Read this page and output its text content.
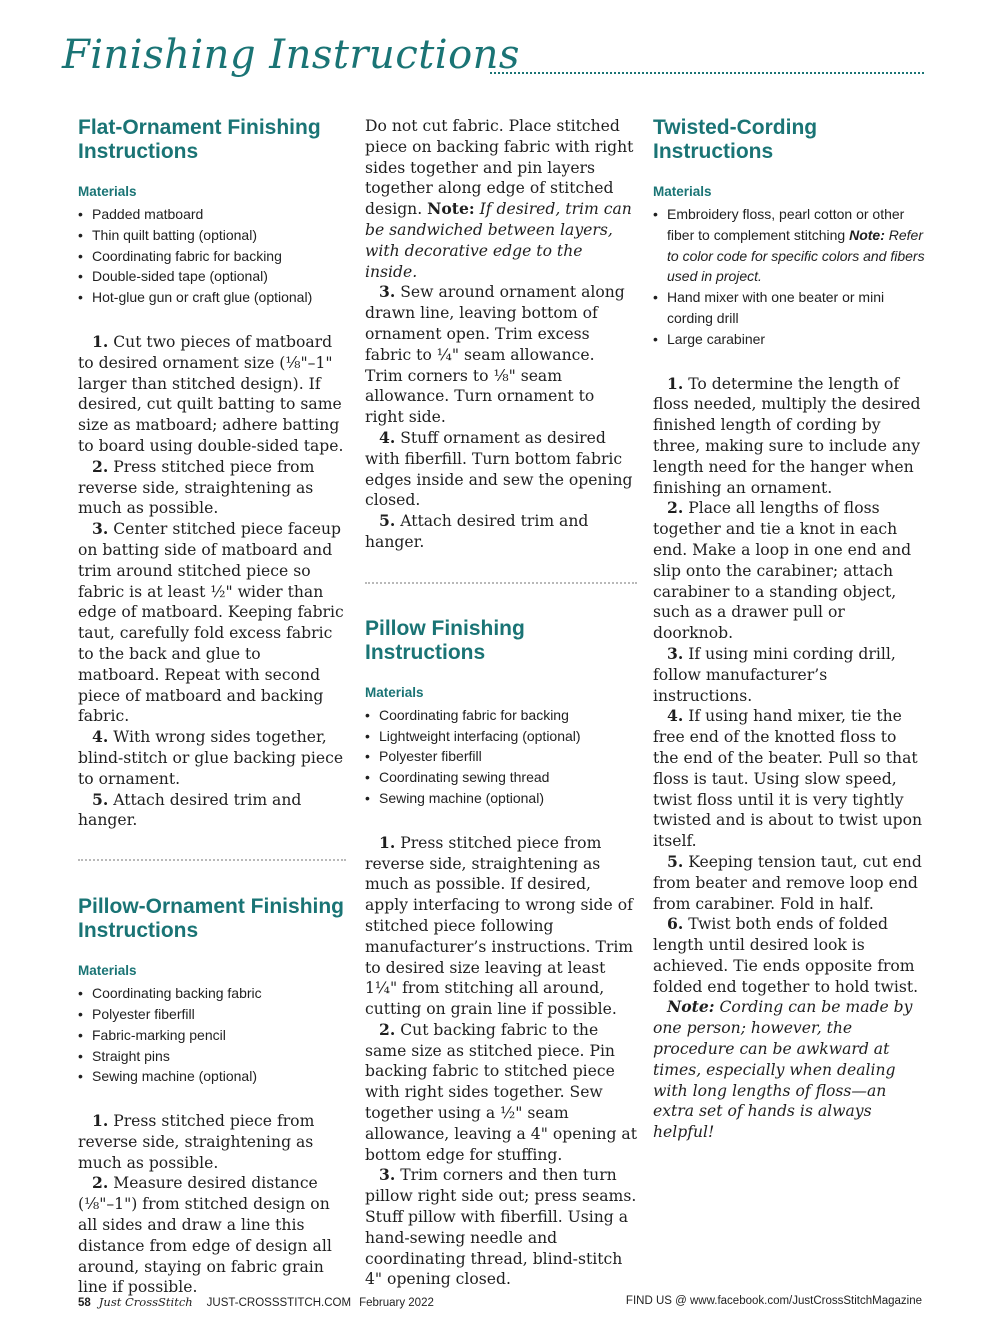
Finishing Instructions
Flat-Ornament Finishing Instructions
Materials
• Padded matboard
• Thin quilt batting (optional)
• Coordinating fabric for backing
• Double-sided tape (optional)
• Hot-glue gun or craft glue (optional)

1. Cut two pieces of matboard to desired ornament size (⅛"–1" larger than stitched design). If desired, cut quilt batting to same size as matboard; adhere batting to board using double-sided tape.

2. Press stitched piece from reverse side, straightening as much as possible.

3. Center stitched piece faceup on batting side of matboard and trim around stitched piece so fabric is at least ½" wider than edge of matboard. Keeping fabric taut, carefully fold excess fabric to the back and glue to matboard. Repeat with second piece of matboard and backing fabric.

4. With wrong sides together, blind-stitch or glue backing piece to ornament.

5. Attach desired trim and hanger.

Pillow-Ornament Finishing Instructions
Materials
• Coordinating backing fabric
• Polyester fiberfill
• Fabric-marking pencil
• Straight pins
• Sewing machine (optional)

1. Press stitched piece from reverse side, straightening as much as possible.

2. Measure desired distance (⅛"–1") from stitched design on all sides and draw a line this distance from edge of design all around, staying on fabric grain line if possible.

Do not cut fabric. Place stitched piece on backing fabric with right sides together and pin layers together along edge of stitched design. Note: If desired, trim can be sandwiched between layers, with decorative edge to the inside.

3. Sew around ornament along drawn line, leaving bottom of ornament open. Trim excess fabric to ¼" seam allowance. Trim corners to ⅛" seam allowance. Turn ornament to right side.

4. Stuff ornament as desired with fiberfill. Turn bottom fabric edges inside and sew the opening closed.

5. Attach desired trim and hanger.

Pillow Finishing Instructions
Materials
• Coordinating fabric for backing
• Lightweight interfacing (optional)
• Polyester fiberfill
• Coordinating sewing thread
• Sewing machine (optional)

1. Press stitched piece from reverse side, straightening as much as possible. If desired, apply interfacing to wrong side of stitched piece following manufacturer’s instructions. Trim to desired size leaving at least 1¼" from stitching all around, cutting on grain line if possible.

2. Cut backing fabric to the same size as stitched piece. Pin backing fabric to stitched piece with right sides together. Sew together using a ½" seam allowance, leaving a 4" opening at bottom edge for stuffing.

3. Trim corners and then turn pillow right side out; press seams. Stuff pillow with fiberfill. Using a hand-sewing needle and coordinating thread, blind-stitch 4" opening closed.

Twisted-Cording Instructions
Materials
• Embroidery floss, pearl cotton or other fiber to complement stitching Note: Refer to color code for specific colors and fibers used in project.
• Hand mixer with one beater or mini cording drill
• Large carabiner

1. To determine the length of floss needed, multiply the desired finished length of cording by three, making sure to include any length need for the hanger when finishing an ornament.

2. Place all lengths of floss together and tie a knot in each end. Make a loop in one end and slip onto the carabiner; attach carabiner to a standing object, such as a drawer pull or doorknob.

3. If using mini cording drill, follow manufacturer’s instructions.

4. If using hand mixer, tie the free end of the knotted floss to the end of the beater. Pull so that floss is taut. Using slow speed, twist floss until it is very tightly twisted and is about to twist upon itself.

5. Keeping tension taut, cut end from beater and remove loop end from carabiner. Fold in half.

6. Twist both ends of folded length until desired look is achieved. Tie ends opposite from folded end together to hold twist.

Note: Cording can be made by one person; however, the procedure can be awkward at times, especially when dealing with long lengths of floss—an extra set of hands is always helpful!

58 Just CrossStitch JUST-CROSSSTITCH.COM February 2022	FIND US @ www.facebook.com/JustCrossStitchMagazine
